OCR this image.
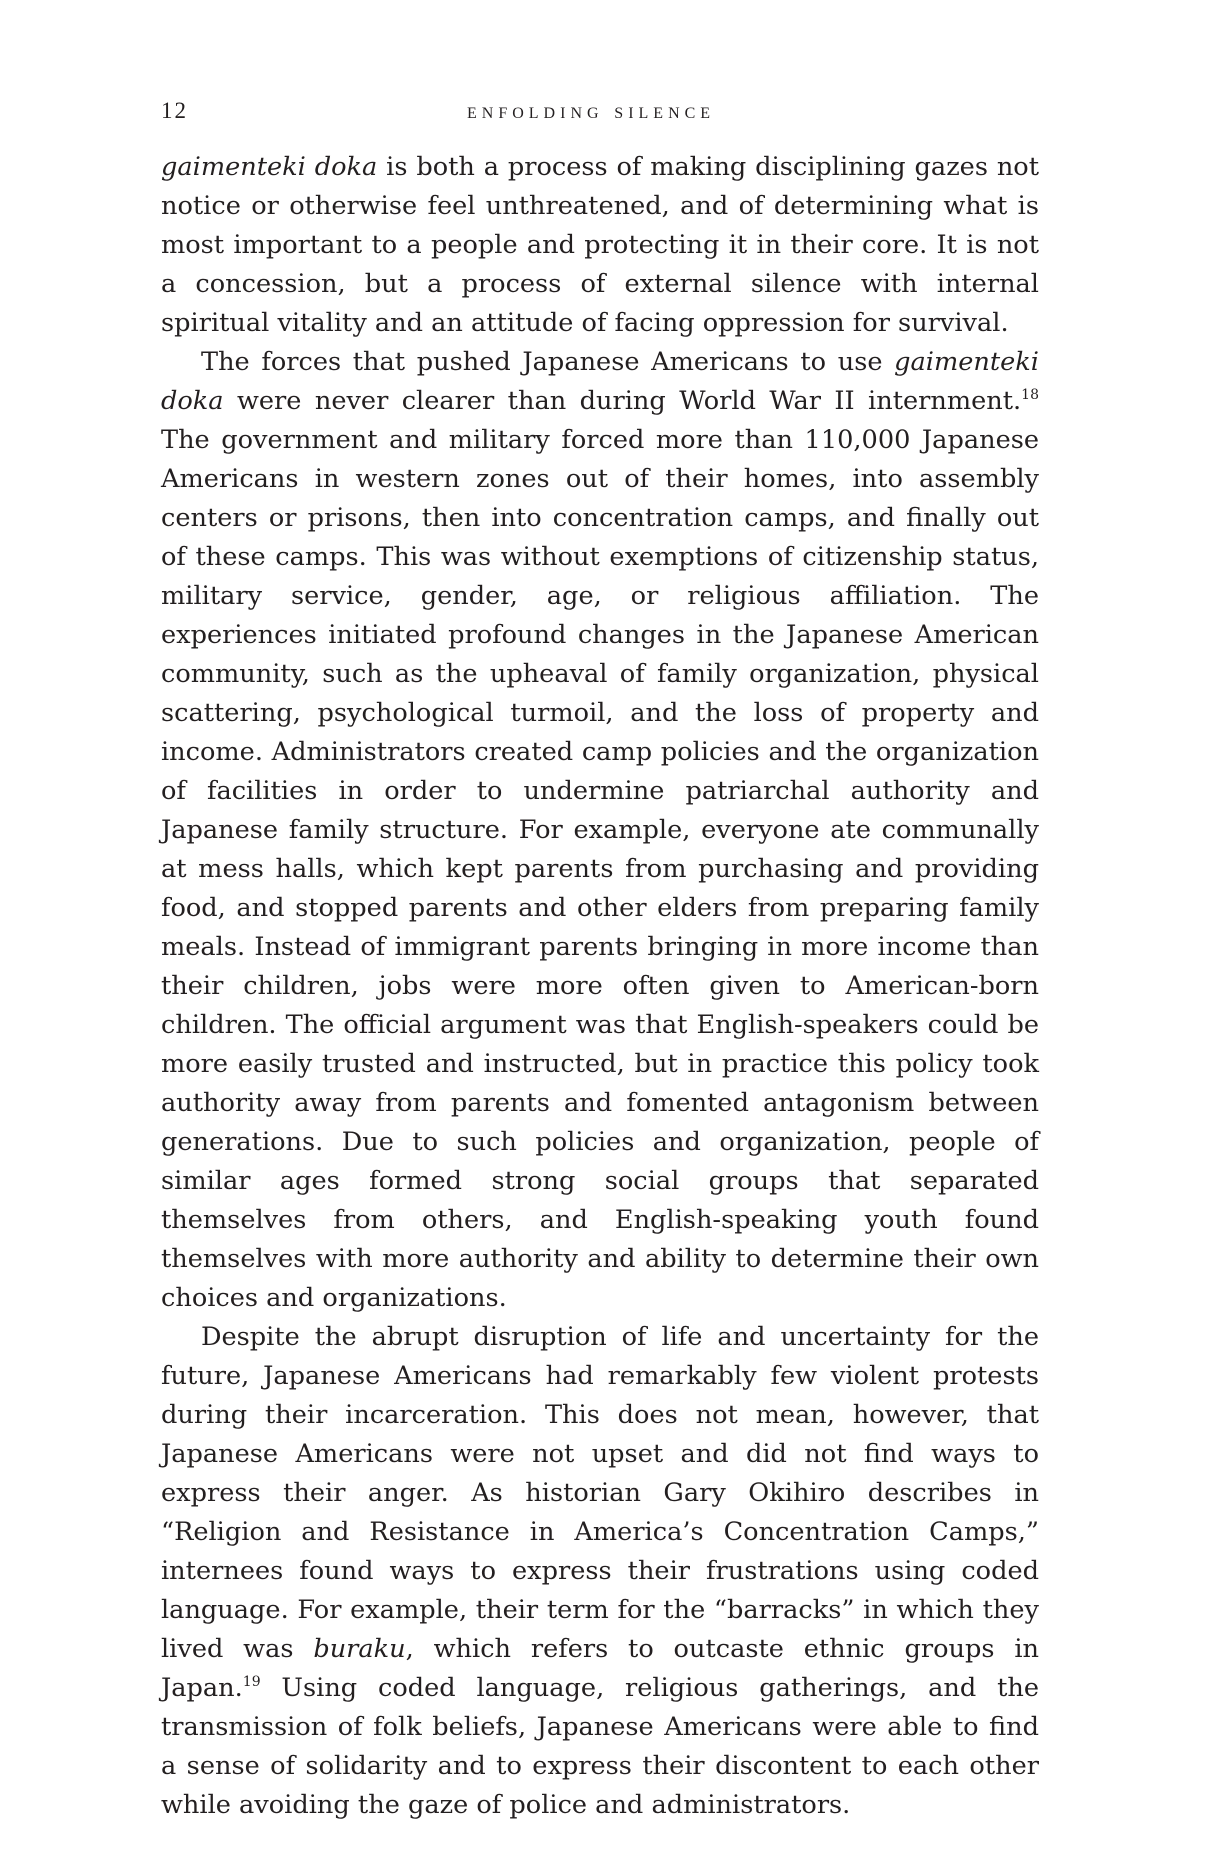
12	enfolding silence

gaimenteki doka is both a process of making disciplining gazes not notice or otherwise feel unthreatened, and of determining what is most important to a people and protecting it in their core. It is not a concession, but a process of external silence with internal spiritual vitality and an attitude of facing oppression for survival.

The forces that pushed Japanese Americans to use gaimenteki doka were never clearer than during World War II internment.$^{18}$ The government and military forced more than 110,000 Japanese Americans in western zones out of their homes, into assembly centers or prisons, then into concentration camps, and finally out of these camps. This was without exemptions of citizenship status, military service, gender, age, or religious affiliation. The experiences initiated profound changes in the Japanese American community, such as the upheaval of family organization, physical scattering, psychological turmoil, and the loss of property and income. Administrators created camp policies and the organization of facilities in order to undermine patriarchal authority and Japanese family structure. For example, everyone ate communally at mess halls, which kept parents from purchasing and providing food, and stopped parents and other elders from preparing family meals. Instead of immigrant parents bringing in more income than their children, jobs were more often given to American-born children. The official argument was that English-speakers could be more easily trusted and instructed, but in practice this policy took authority away from parents and fomented antagonism between generations. Due to such policies and organization, people of similar ages formed strong social groups that separated themselves from others, and English-speaking youth found themselves with more authority and ability to determine their own choices and organizations.

Despite the abrupt disruption of life and uncertainty for the future, Japanese Americans had remarkably few violent protests during their incarceration. This does not mean, however, that Japanese Americans were not upset and did not find ways to express their anger. As historian Gary Okihiro describes in “Religion and Resistance in America’s Concentration Camps,” internees found ways to express their frustrations using coded language. For example, their term for the “barracks” in which they lived was buraku, which refers to outcaste ethnic groups in Japan.$^{19}$ Using coded language, religious gatherings, and the transmission of folk beliefs, Japanese Americans were able to find a sense of solidarity and to express their discontent to each other while avoiding the gaze of police and administrators.
